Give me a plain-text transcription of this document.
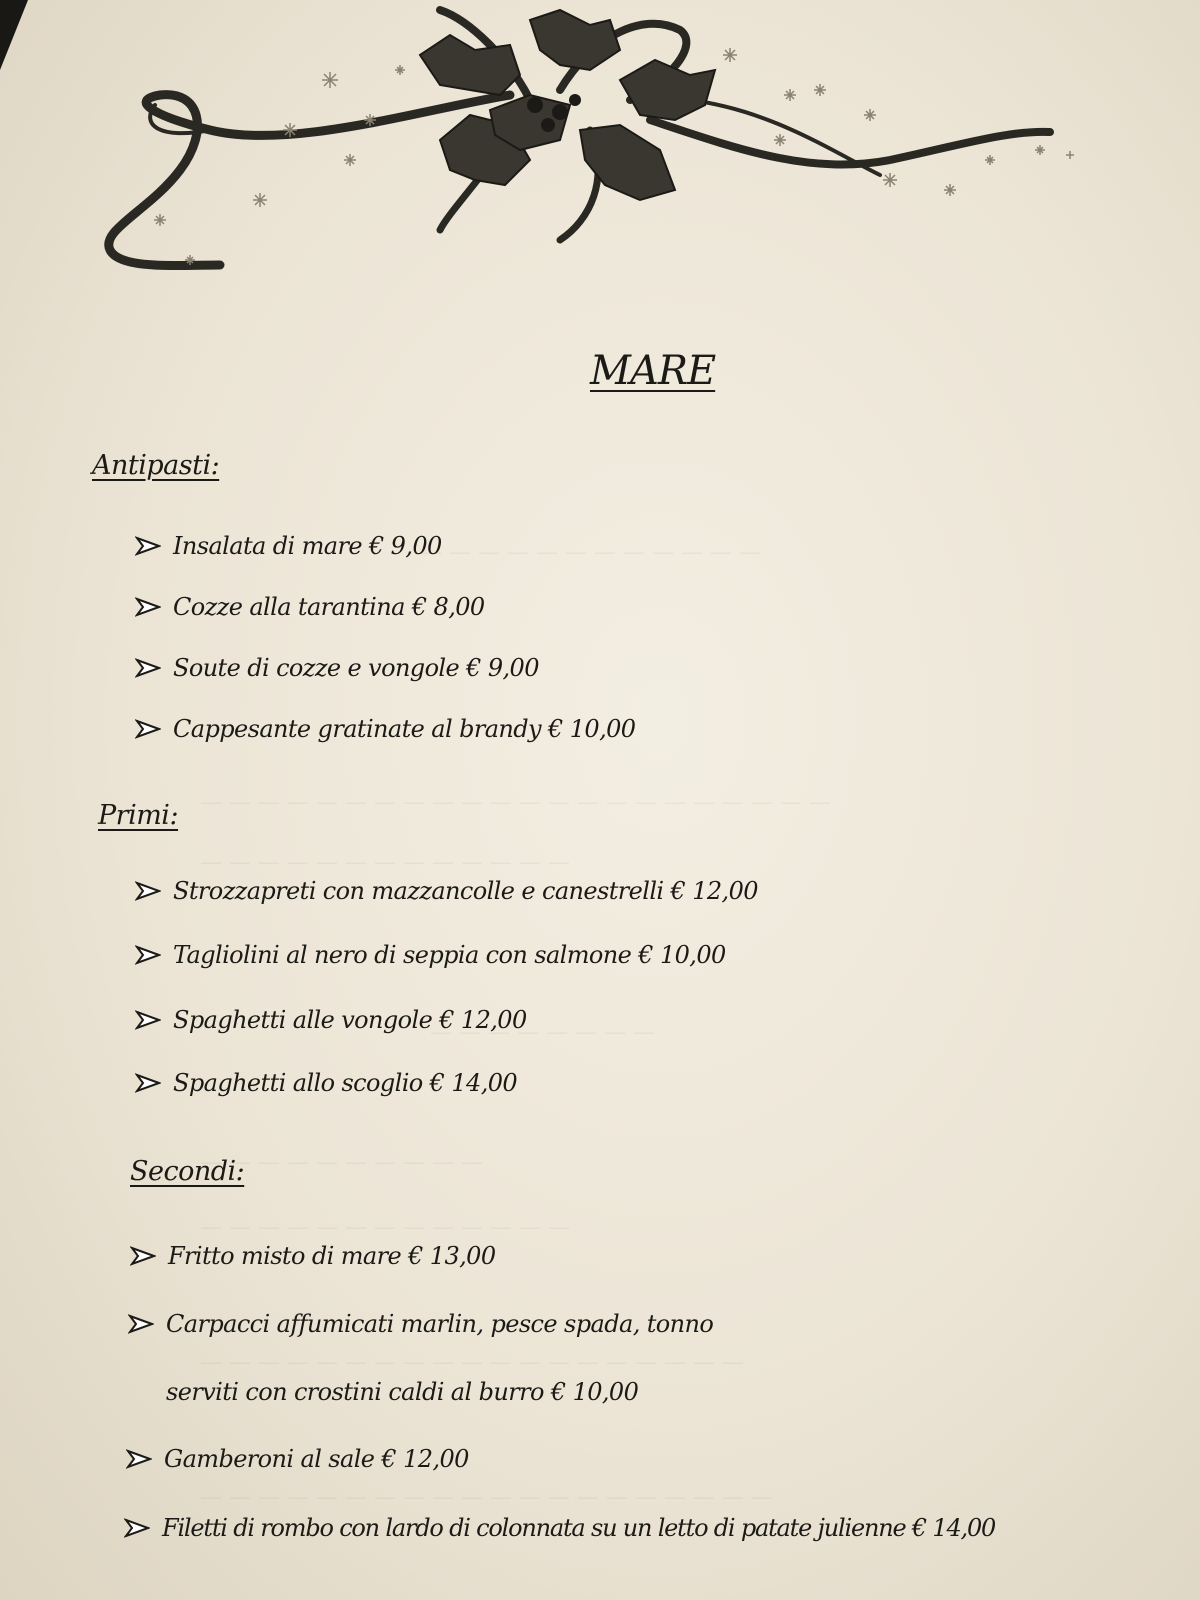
MARE
Antipasti:
Insalata di mare € 9,00
Cozze alla tarantina € 8,00
Soute di cozze e vongole € 9,00
Cappesante gratinate al brandy € 10,00
Primi:
Strozzapreti con mazzancolle e canestrelli € 12,00
Tagliolini al nero di seppia con salmone € 10,00
Spaghetti alle vongole € 12,00
Spaghetti allo scoglio € 14,00
Secondi:
Fritto misto di mare € 13,00
Carpacci affumicati marlin, pesce spada, tonno
serviti con crostini caldi al burro € 10,00
Gamberoni al sale € 12,00
Filetti di rombo con lardo di colonnata su un letto di patate julienne € 14,00
